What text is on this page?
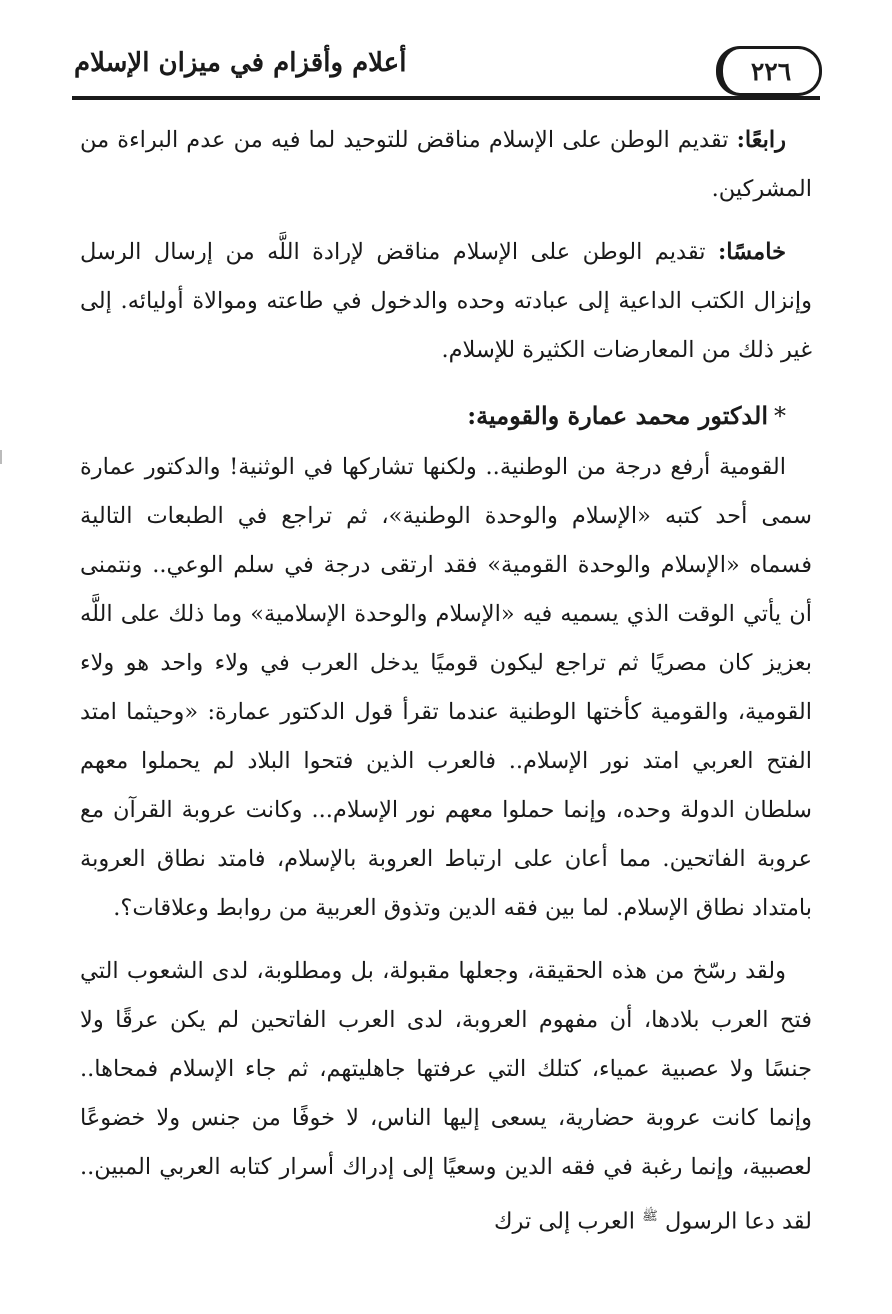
٢٢٦
أعلام وأقزام في ميزان الإسلام

رابعًا: تقديم الوطن على الإسلام مناقض للتوحيد لما فيه من عدم البراءة من المشركين.

خامسًا: تقديم الوطن على الإسلام مناقض لإرادة اللَّه من إرسال الرسل وإنزال الكتب الداعية إلى عبادته وحده والدخول في طاعته وموالاة أوليائه. إلى غير ذلك من المعارضات الكثيرة للإسلام.

*الدكتور محمد عمارة والقومية:

القومية أرفع درجة من الوطنية.. ولكنها تشاركها في الوثنية! والدكتور عمارة سمى أحد كتبه «الإسلام والوحدة الوطنية»، ثم تراجع في الطبعات التالية فسماه «الإسلام والوحدة القومية» فقد ارتقى درجة في سلم الوعي.. ونتمنى أن يأتي الوقت الذي يسميه فيه «الإسلام والوحدة الإسلامية» وما ذلك على اللَّه بعزيز كان مصريًا ثم تراجع ليكون قوميًا يدخل العرب في ولاء واحد هو ولاء القومية، والقومية كأختها الوطنية عندما تقرأ قول الدكتور عمارة: «وحيثما امتد الفتح العربي امتد نور الإسلام.. فالعرب الذين فتحوا البلاد لم يحملوا معهم سلطان الدولة وحده، وإنما حملوا معهم نور الإسلام... وكانت عروبة القرآن مع عروبة الفاتحين. مما أعان على ارتباط العروبة بالإسلام، فامتد نطاق العروبة بامتداد نطاق الإسلام. لما بين فقه الدين وتذوق العربية من روابط وعلاقات؟.

ولقد رسّخ من هذه الحقيقة، وجعلها مقبولة، بل ومطلوبة، لدى الشعوب التي فتح العرب بلادها، أن مفهوم العروبة، لدى العرب الفاتحين لم يكن عرقًا ولا جنسًا ولا عصبية عمياء، كتلك التي عرفتها جاهليتهم، ثم جاء الإسلام فمحاها.. وإنما كانت عروبة حضارية، يسعى إليها الناس، لا خوفًا من جنس ولا خضوعًا لعصبية، وإنما رغبة في فقه الدين وسعيًا إلى إدراك أسرار كتابه العربي المبين.. لقد دعا الرسول $^ﷺ$ العرب إلى ترك
